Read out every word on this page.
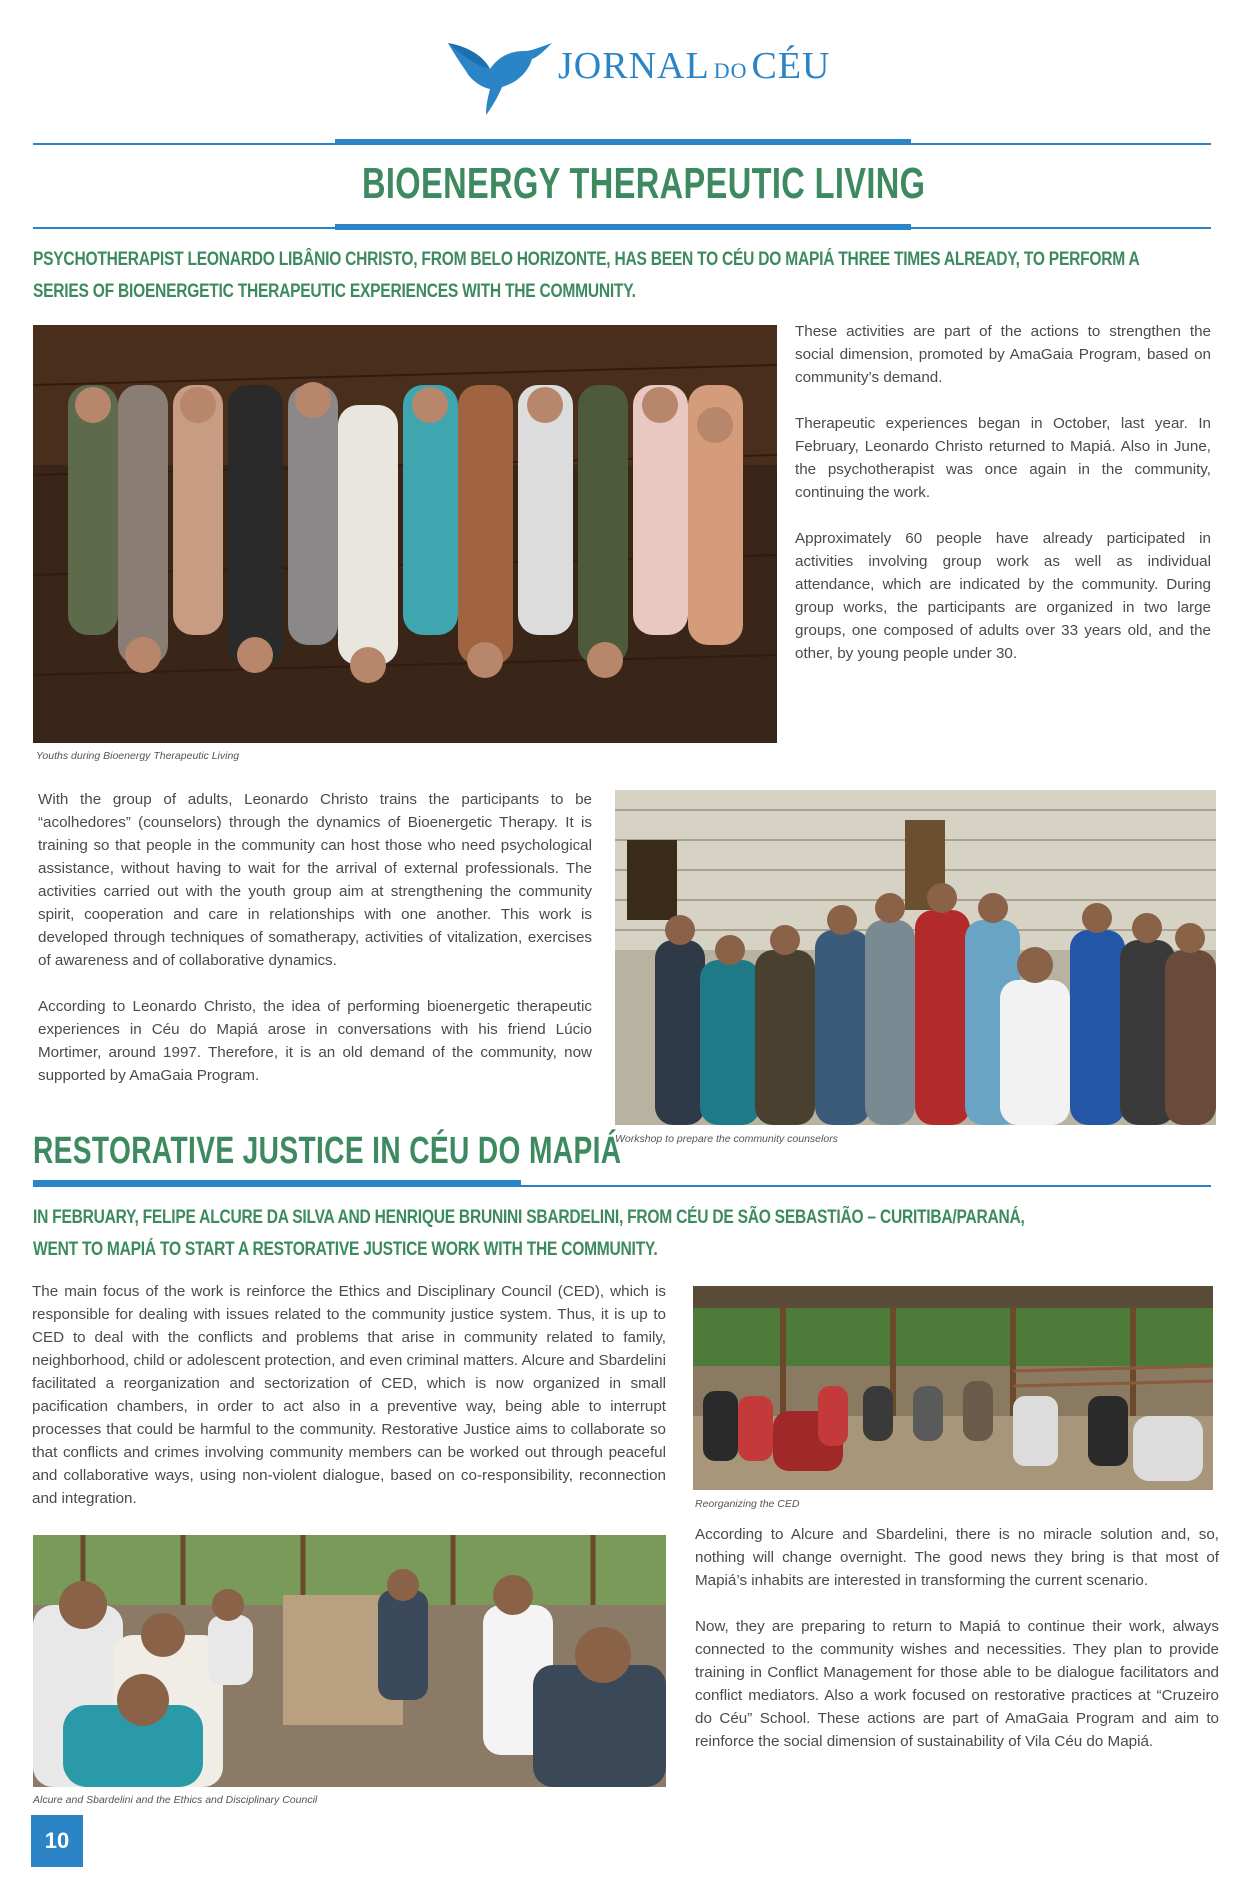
JORNAL DO CÉU
BIOENERGY THERAPEUTIC LIVING
PSYCHOTHERAPIST LEONARDO LIBÂNIO CHRISTO, FROM BELO HORIZONTE, HAS BEEN TO CÉU DO MAPIÁ THREE TIMES ALREADY, TO PERFORM A
SERIES OF BIOENERGETIC THERAPEUTIC EXPERIENCES WITH THE COMMUNITY.
Youths during Bioenergy Therapeutic Living

These activities are part of the actions to strengthen the social dimension, promoted by AmaGaia Program, based on community’s demand.

Therapeutic experiences began in October, last year. In February, Leonardo Christo returned to Mapiá. Also in June, the psychotherapist was once again in the community, continuing the work.

Approximately 60 people have already participated in activities involving group work as well as individual attendance, which are indicated by the community. During group works, the participants are organized in two large groups, one composed of adults over 33 years old, and the other, by young people under 30.

With the group of adults, Leonardo Christo trains the participants to be “acolhedores” (counselors) through the dynamics of Bioenergetic Therapy. It is training so that people in the community can host those who need psychological assistance, without having to wait for the arrival of external professionals. The activities carried out with the youth group aim at strengthening the community spirit, cooperation and care in relationships with one another. This work is developed through techniques of somatherapy, activities of vitalization, exercises of awareness and of collaborative dynamics.

According to Leonardo Christo, the idea of performing bioenergetic therapeutic experiences in Céu do Mapiá arose in conversations with his friend Lúcio Mortimer, around 1997. Therefore, it is an old demand of the community, now supported by AmaGaia Program.

Workshop to prepare the community counselors
RESTORATIVE JUSTICE IN CÉU DO MAPIÁ
IN FEBRUARY, FELIPE ALCURE DA SILVA AND HENRIQUE BRUNINI SBARDELINI, FROM CÉU DE SÃO SEBASTIÃO – CURITIBA/PARANÁ,
WENT TO MAPIÁ TO START A RESTORATIVE JUSTICE WORK WITH THE COMMUNITY.

The main focus of the work is reinforce the Ethics and Disciplinary Council (CED), which is responsible for dealing with issues related to the community justice system. Thus, it is up to CED to deal with the conflicts and problems that arise in community related to family, neighborhood, child or adolescent protection, and even criminal matters. Alcure and Sbardelini facilitated a reorganization and sectorization of CED, which is now organized in small pacification chambers, in order to act also in a preventive way, being able to interrupt processes that could be harmful to the community. Restorative Justice aims to collaborate so that conflicts and crimes involving community members can be worked out through peaceful and collaborative ways, using non-violent dialogue, based on co-responsibility, reconnection and integration.	Reorganizing the CED

According to Alcure and Sbardelini, there is no miracle solution and, so, nothing will change overnight. The good news they bring is that most of Mapiá’s inhabits are interested in transforming the current scenario.

Now, they are preparing to return to Mapiá to continue their work, always connected to the community wishes and necessities. They plan to provide training in Conflict Management for those able to be dialogue facilitators and conflict mediators. Also a work focused on restorative practices at “Cruzeiro do Céu” School. These actions are part of AmaGaia Program and aim to reinforce the social dimension of sustainability of Vila Céu do Mapiá.

Alcure and Sbardelini and the Ethics and Disciplinary Council
10
